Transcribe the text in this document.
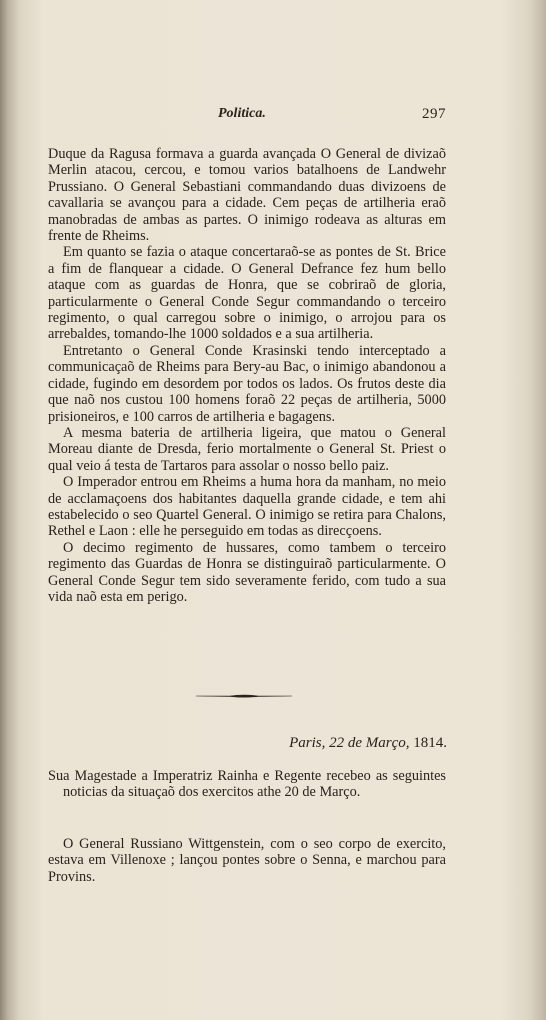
Politica.	297

Duque da Ragusa formava a guarda avançada O General de divizaõ Merlin atacou, cercou, e tomou varios batalhoens de Landwehr Prussiano. O General Sebastiani commandando duas divizoens de cavallaria se avançou para a cidade. Cem peças de artilheria eraõ manobradas de ambas as partes. O inimigo rodeava as alturas em frente de Rheims.

Em quanto se fazia o ataque concertaraõ-se as pontes de St. Brice a fim de flanquear a cidade. O General Defrance fez hum bello ataque com as guardas de Honra, que se cobriraõ de gloria, particularmente o General Conde Segur commandando o terceiro regimento, o qual carregou sobre o inimigo, o arrojou para os arrebaldes, tomando-lhe 1000 soldados e a sua artilheria.

Entretanto o General Conde Krasinski tendo interceptado a communicaçaõ de Rheims para Bery-au Bac, o inimigo abandonou a cidade, fugindo em desordem por todos os lados. Os frutos deste dia que naõ nos custou 100 homens foraõ 22 peças de artilheria, 5000 prisioneiros, e 100 carros de artilheria e bagagens.

A mesma bateria de artilheria ligeira, que matou o General Moreau diante de Dresda, ferio mortalmente o General St. Priest o qual veio á testa de Tartaros para assolar o nosso bello paiz.

O Imperador entrou em Rheims a huma hora da manham, no meio de acclamaçoens dos habitantes daquella grande cidade, e tem ahi estabelecido o seo Quartel General. O inimigo se retira para Chalons, Rethel e Laon : elle he perseguido em todas as direcçoens.

O decimo regimento de hussares, como tambem o terceiro regimento das Guardas de Honra se distinguiraõ particularmente. O General Conde Segur tem sido severamente ferido, com tudo a sua vida naõ esta em perigo.

Paris, 22 de Março, 1814.

Sua Magestade a Imperatriz Rainha e Regente recebeo as seguintes noticias da situaçaõ dos exercitos athe 20 de Março.

O General Russiano Wittgenstein, com o seo corpo de exercito, estava em Villenoxe ; lançou pontes sobre o Senna, e marchou para Provins.
